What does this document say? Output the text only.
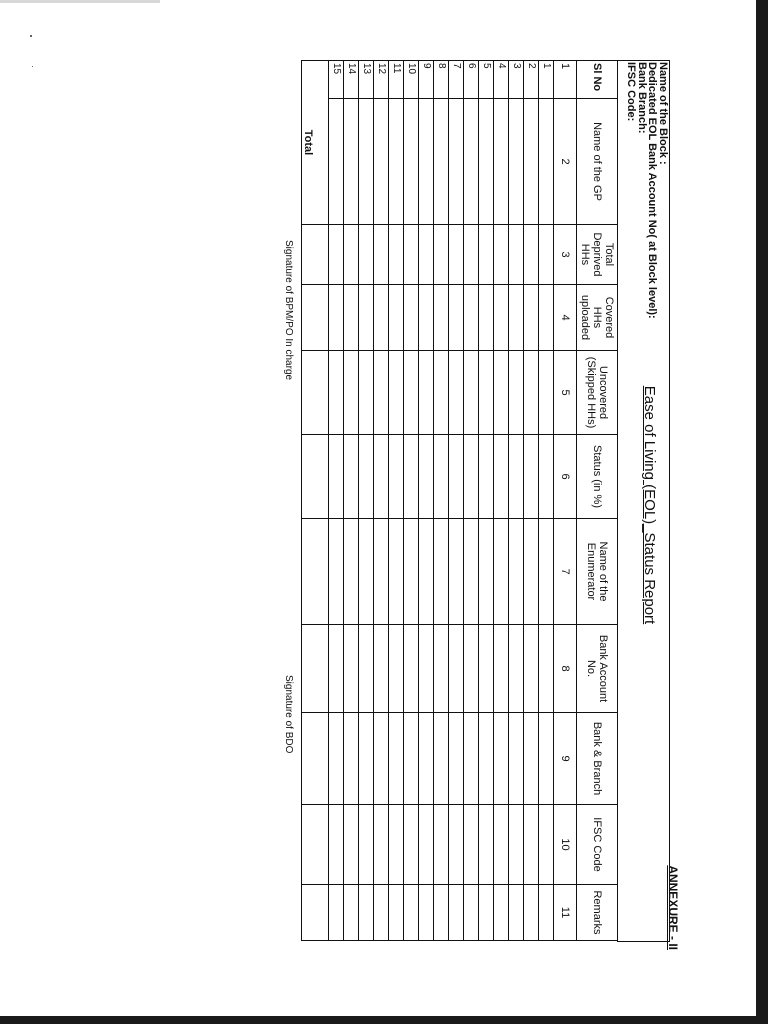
ANNEXURE - II
Ease of Living (EOL)_Status Report
Name of the Block :
Dedicated EOL Bank Account No( at Block level):
Bank Branch:
IFSC Code:
Sl No	Name of the GP	Total Deprived HHs	Covered HHs uploaded	Uncovered (Skipped HHs)	Status (in %)	Name of the Enumerator	Bank Account No.	Bank & Branch	IFSC Code	Remarks
1	2	3	4	5	6	7	8	9	10	11
1										
2										
3										
4										
5										
6										
7										
8										
9										
10										
11										
12										
13										
14										
15										
Total										
Signature of BPM/PO In charge
Signature of BDO
